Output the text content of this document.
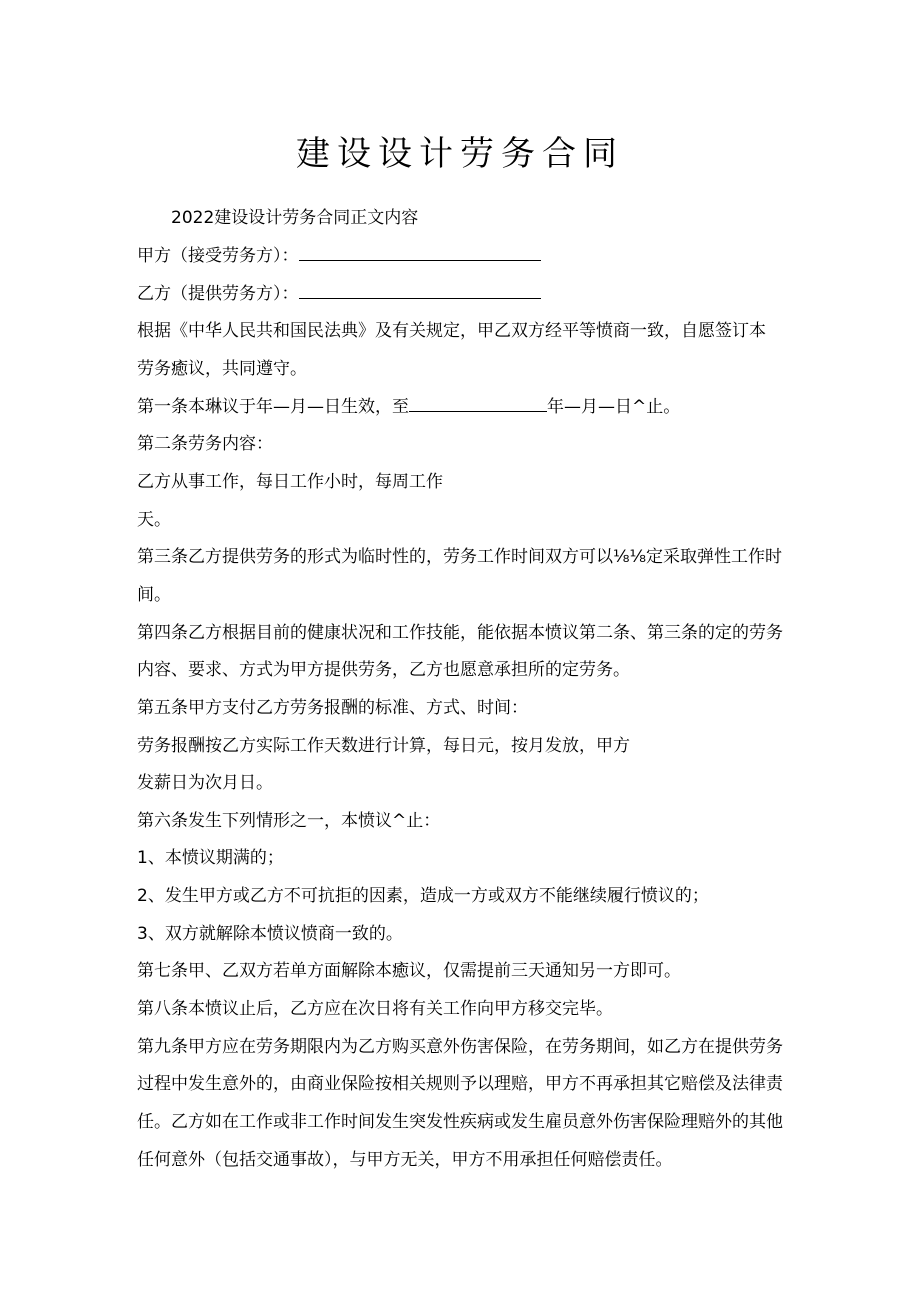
建设设计劳务合同

2022建设设计劳务合同正文内容

甲方（接受劳务方）：

乙方（提供劳务方）：

根据《中华人民共和国民法典》及有关规定，甲乙双方经平等愤商一致，自愿签订本

劳务癒议，共同遵守。

第一条本琳议于年—月—日生效，至	年—月—日^止。

第二条劳务内容：

乙方从事工作，每日工作小时，每周工作

天。

第三条乙方提供劳务的形式为临时性的，劳务工作时间双方可以⅛⅛定采取弹性工作时

间。

第四条乙方根据目前的健康状况和工作技能，能依据本愤议第二条、第三条的定的劳务

内容、要求、方式为甲方提供劳务，乙方也愿意承担所的定劳务。

第五条甲方支付乙方劳务报酬的标准、方式、时间：

劳务报酬按乙方实际工作天数进行计算，每日元，按月发放，甲方

发薪日为次月日。

第六条发生下列情形之一，本愤议^止：

1、本愤议期满的；

2、发生甲方或乙方不可抗拒的因素，造成一方或双方不能继续履行愤议的；

3、双方就解除本愤议愤商一致的。

第七条甲、乙双方若单方面解除本癒议，仅需提前三天通知另一方即可。

第八条本愤议止后，乙方应在次日将有关工作向甲方移交完毕。

第九条甲方应在劳务期限内为乙方购买意外伤害保险，在劳务期间，如乙方在提供劳务

过程中发生意外的，由商业保险按相关规则予以理赔，甲方不再承担其它赔偿及法律责

任。乙方如在工作或非工作时间发生突发性疾病或发生雇员意外伤害保险理赔外的其他

任何意外（包括交通事故），与甲方无关，甲方不用承担任何赔偿责任。
